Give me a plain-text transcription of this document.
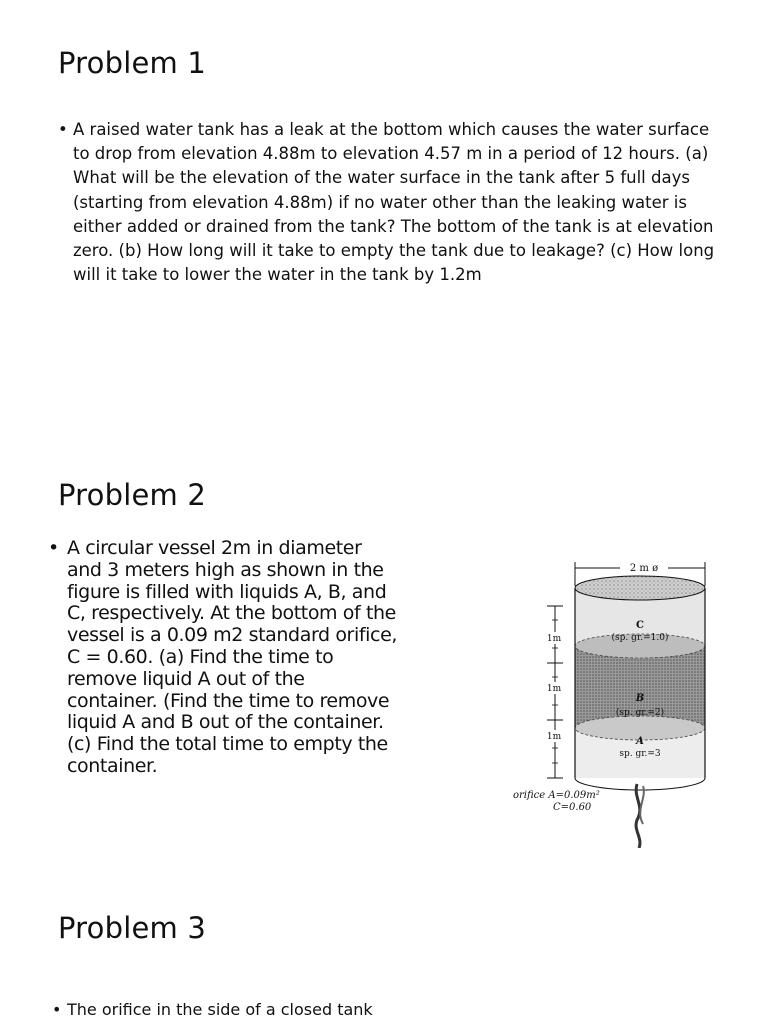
Problem 1
• A raised water tank has a leak at the bottom which causes the water surface to drop from elevation 4.88m to elevation 4.57 m in a period of 12 hours. (a) What will be the elevation of the water surface in the tank after 5 full days (starting from elevation 4.88m) if no water other than the leaking water is either added or drained from the tank? The bottom of the tank is at elevation zero. (b) How long will it take to empty the tank due to leakage? (c) How long will it take to lower the water in the tank by 1.2m
Problem 2
• A circular vessel 2m in diameter and 3 meters high as shown in the figure is filled with liquids A, B, and C, respectively. At the bottom of the vessel is a 0.09 m2 standard orifice, C = 0.60. (a) Find the time to remove liquid A out of the container. (Find the time to remove liquid A and B out of the container. (c) Find the total time to empty the container.
2 m ø
C
(sp. gr.=1.0)
B
(sp. gr.=2)
A
sp. gr.=3
1m
1m
1m
orifice A=0.09m²
C=0.60
Problem 3
• The orifice in the side of a closed tank
